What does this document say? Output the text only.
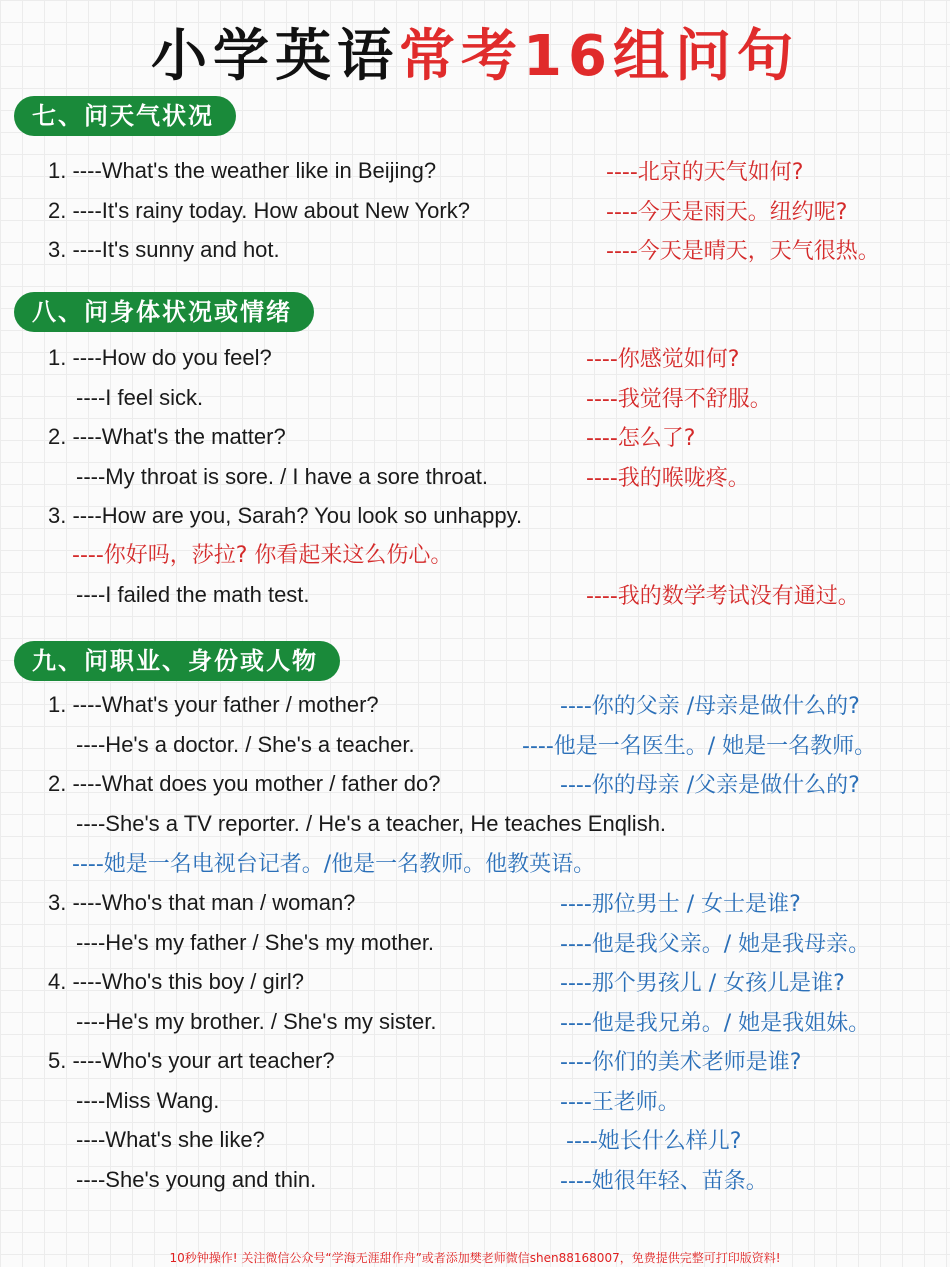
小学英语常考16组问句
七、问天气状况
1. ----What's the weather like in Beijing?	----北京的天气如何?
2. ----It's rainy today. How about New York?	----今天是雨天。纽约呢?
3. ----It's sunny and hot.	----今天是晴天，天气很热。
八、问身体状况或情绪
1. ----How do you feel?	----你感觉如何?
----I feel sick.	----我觉得不舒服。
2. ----What's the matter?	----怎么了?
----My throat is sore. / I have a sore throat.	----我的喉咙疼。
3. ----How are you, Sarah? You look so unhappy.
----你好吗，莎拉? 你看起来这么伤心。
----I failed the math test.	----我的数学考试没有通过。
九、问职业、身份或人物
1. ----What's your father / mother?	----你的父亲 /母亲是做什么的?
----He's a doctor. / She's a teacher.	----他是一名医生。/ 她是一名教师。
2. ----What does you mother / father do?	----你的母亲 /父亲是做什么的?
----She's a TV reporter. / He's a teacher, He teaches Enqlish.
----她是一名电视台记者。/他是一名教师。他教英语。
3. ----Who's that man / woman?	----那位男士 / 女士是谁?
----He's my father / She's my mother.	----他是我父亲。/ 她是我母亲。
4. ----Who's this boy / girl?	----那个男孩儿 / 女孩儿是谁?
----He's my brother. / She's my sister.	----他是我兄弟。/ 她是我姐妹。
5. ----Who's your art teacher?	----你们的美术老师是谁?
----Miss Wang.	----王老师。
----What's she like?	----她长什么样儿?
----She's young and thin.	----她很年轻、苗条。
10秒钟操作! 关注微信公众号“学海无涯甜作舟”或者添加樊老师微信shen88168007，免费提供完整可打印版资料!
